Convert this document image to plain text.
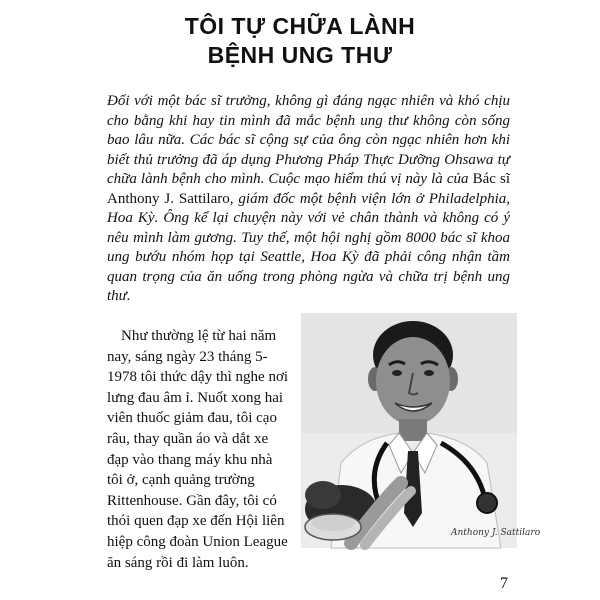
TÔI TỰ CHỮA LÀNH
BỆNH UNG THƯ
Đối với một bác sĩ trưởng, không gì đáng ngạc nhiên và khó chịu cho bằng khi hay tin mình đã mắc bệnh ung thư không còn sống bao lâu nữa. Các bác sĩ cộng sự của ông còn ngạc nhiên hơn khi biết thủ trưởng đã áp dụng Phương Pháp Thực Dưỡng Ohsawa tự chữa lành bệnh cho mình. Cuộc mạo hiểm thú vị này là của Bác sĩ Anthony J. Sattilaro, giám đốc một bệnh viện lớn ở Philadelphia, Hoa Kỳ. Ông kể lại chuyện này với vẻ chân thành và không có ý nêu mình làm gương. Tuy thế, một hội nghị gồm 8000 bác sĩ khoa ung bướu nhóm họp tại Seattle, Hoa Kỳ đã phải công nhận tầm quan trọng của ăn uống trong phòng ngừa và chữa trị bệnh ung thư.

Như thường lệ từ hai năm nay, sáng ngày 23 tháng 5-1978 tôi thức dậy thì nghe nơi lưng đau âm ỉ. Nuốt xong hai viên thuốc giảm đau, tôi cạo râu, thay quần áo và dắt xe đạp vào thang máy khu nhà tôi ở, cạnh quảng trường Rittenhouse. Gần đây, tôi có thói quen đạp xe đến Hội liên hiệp công đoàn Union League ăn sáng rồi đi làm luôn.

Anthony J. Sattilaro
7
